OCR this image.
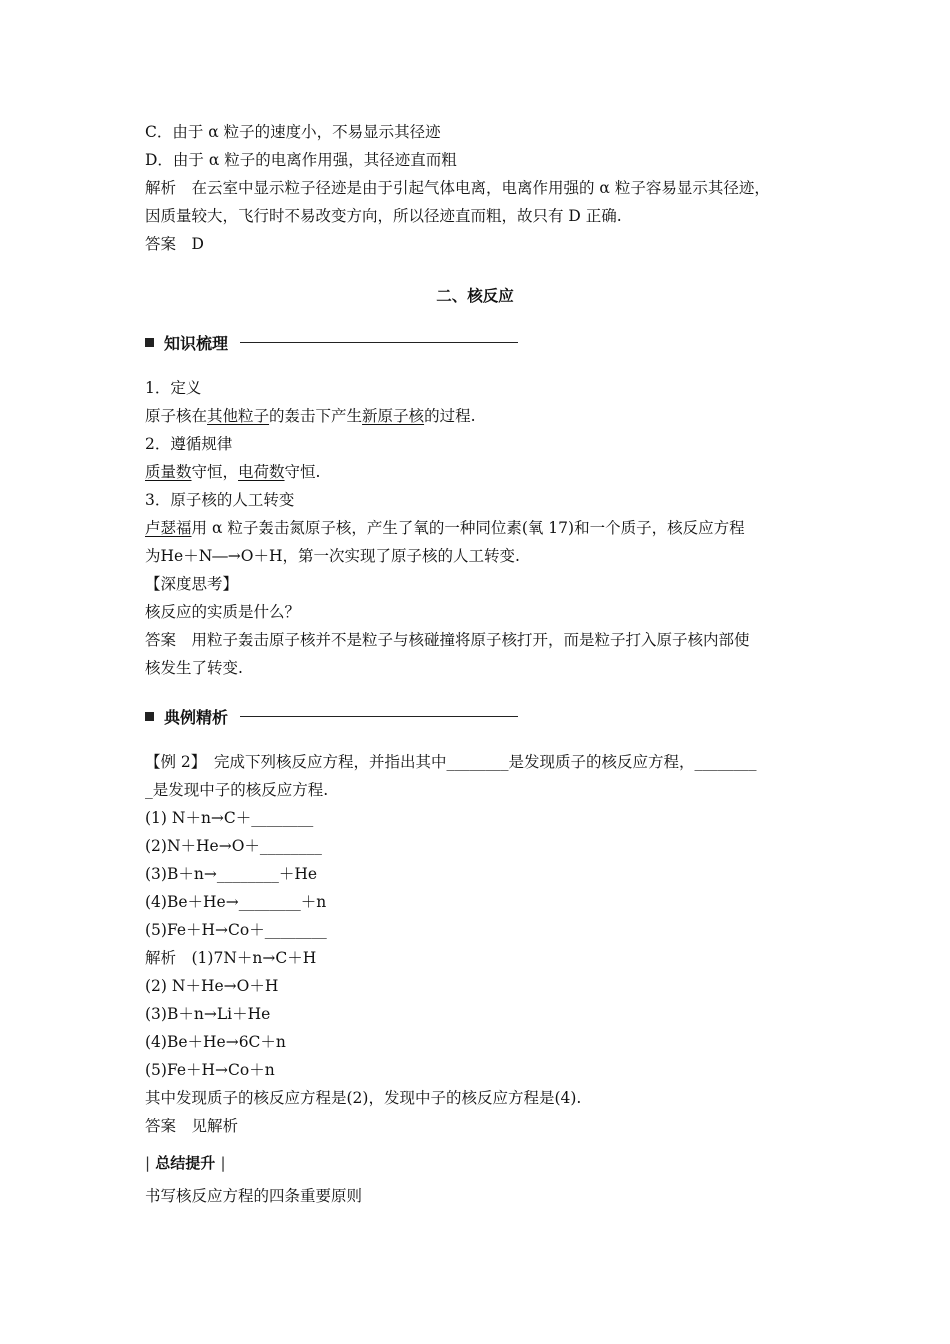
C．由于 α 粒子的速度小，不易显示其径迹
D．由于 α 粒子的电离作用强，其径迹直而粗
解析　在云室中显示粒子径迹是由于引起气体电离，电离作用强的 α 粒子容易显示其径迹，
因质量较大，飞行时不易改变方向，所以径迹直而粗，故只有 D 正确.
答案　D
二、核反应
知识梳理
1．定义
原子核在其他粒子的轰击下产生新原子核的过程.
2．遵循规律
质量数守恒，电荷数守恒.
3．原子核的人工转变
卢瑟福用 α 粒子轰击氮原子核，产生了氧的一种同位素(氧 17)和一个质子，核反应方程
为He＋N―→O＋H，第一次实现了原子核的人工转变.
【深度思考】
核反应的实质是什么？
答案　用粒子轰击原子核并不是粒子与核碰撞将原子核打开，而是粒子打入原子核内部使
核发生了转变.
典例精析
【例 2】　完成下列核反应方程，并指出其中________是发现质子的核反应方程，________
_是发现中子的核反应方程.
(1) N＋n→C＋________
(2)N＋He→O＋________
(3)B＋n→________＋He
(4)Be＋He→________＋n
(5)Fe＋H→Co＋________
解析　(1)7N＋n→C＋H
(2) N＋He→O＋H
(3)B＋n→Li＋He
(4)Be＋He→6C＋n
(5)Fe＋H→Co＋n
其中发现质子的核反应方程是(2)，发现中子的核反应方程是(4).
答案　见解析
| 总结提升 |
书写核反应方程的四条重要原则
